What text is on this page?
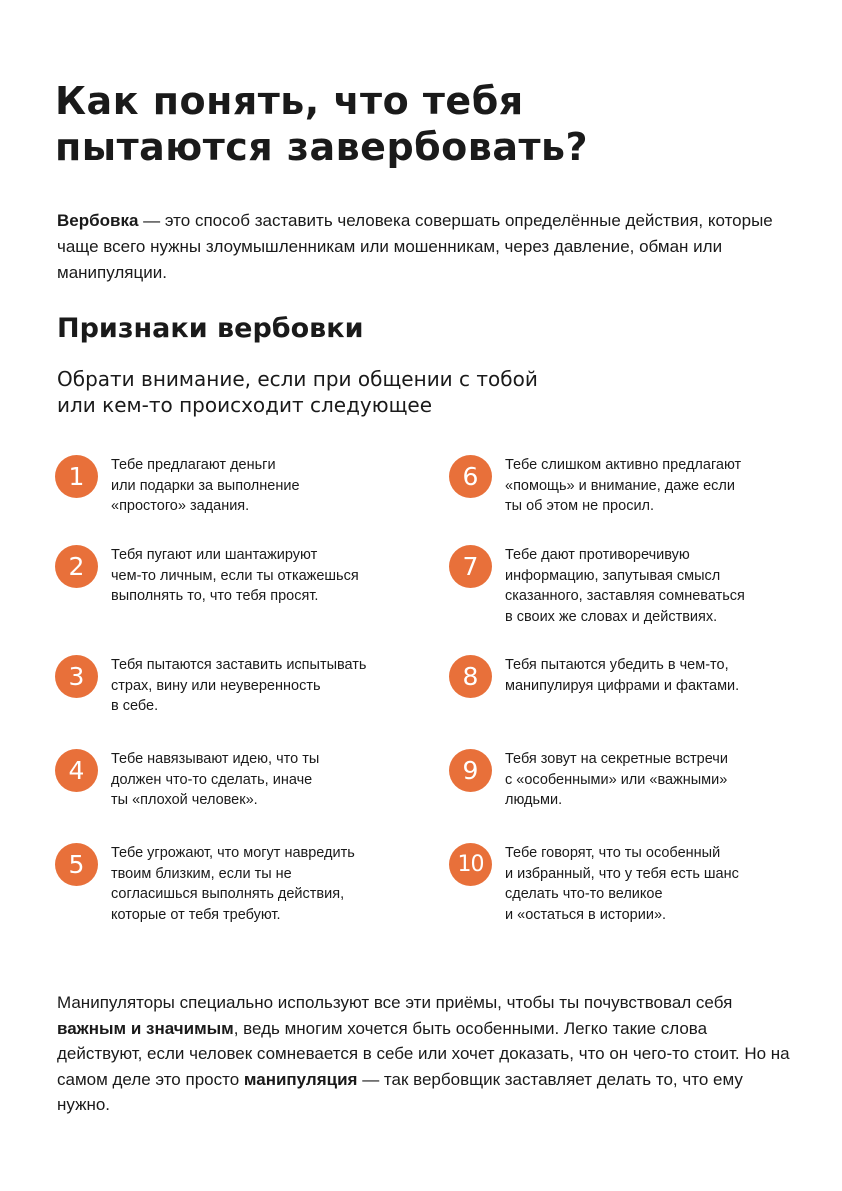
Как понять, что тебя
пытаются завербовать?

Вербовка — это способ заставить человека совершать определённые действия, которые чаще всего нужны злоумышленникам или мошенникам, через давление, обман или манипуляции.

Признаки вербовки

Обрати внимание, если при общении с тобой
или кем-то происходит следующее

1	Тебе предлагают деньги
или подарки за выполнение
«простого» задания.
2	Тебя пугают или шантажируют
чем-то личным, если ты откажешься
выполнять то, что тебя просят.
3	Тебя пытаются заставить испытывать
страх, вину или неуверенность
в себе.
4	Тебе навязывают идею, что ты
должен что-то сделать, иначе
ты «плохой человек».
5	Тебе угрожают, что могут навредить
твоим близким, если ты не
согласишься выполнять действия,
которые от тебя требуют.
6	Тебе слишком активно предлагают
«помощь» и внимание, даже если
ты об этом не просил.
7	Тебе дают противоречивую
информацию, запутывая смысл
сказанного, заставляя сомневаться
в своих же словах и действиях.
8	Тебя пытаются убедить в чем-то,
манипулируя цифрами и фактами.
9	Тебя зовут на секретные встречи
с «особенными» или «важными»
людьми.
10	Тебе говорят, что ты особенный
и избранный, что у тебя есть шанс
сделать что-то великое
и «остаться в истории».

Манипуляторы специально используют все эти приёмы, чтобы ты почувствовал себя важным и значимым, ведь многим хочется быть особенными. Легко такие слова действуют, если человек сомневается в себе или хочет доказать, что он чего-то стоит. Но на самом деле это просто манипуляция — так вербовщик заставляет делать то, что ему нужно.
